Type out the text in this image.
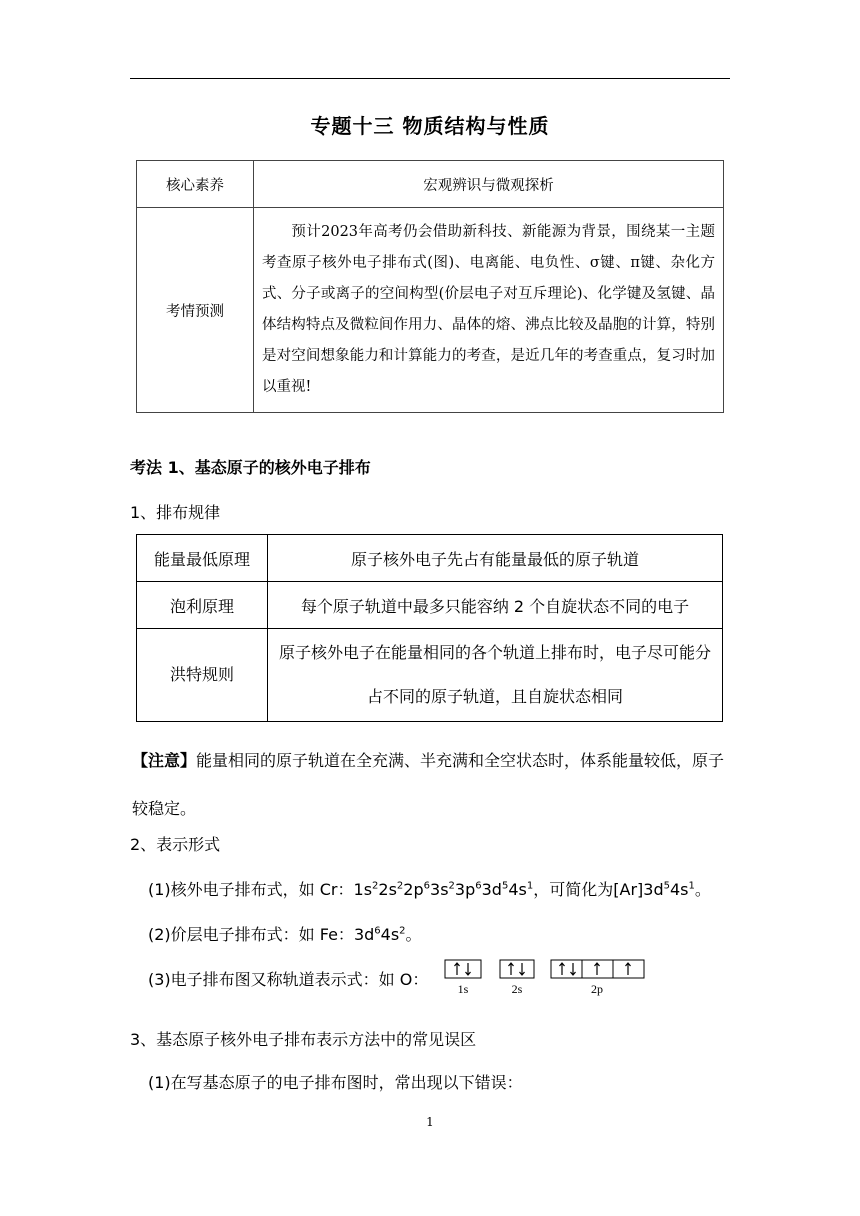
专题十三 物质结构与性质
核心素养	宏观辨识与微观探析
考情预测	预计2023年高考仍会借助新科技、新能源为背景，围绕某一主题考查原子核外电子排布式(图)、电离能、电负性、σ键、π键、杂化方式、分子或离子的空间构型(价层电子对互斥理论)、化学键及氢键、晶体结构特点及微粒间作用力、晶体的熔、沸点比较及晶胞的计算，特别是对空间想象能力和计算能力的考查，是近几年的考查重点，复习时加以重视!
考法 1、基态原子的核外电子排布
1、排布规律
能量最低原理	原子核外电子先占有能量最低的原子轨道
泡利原理	每个原子轨道中最多只能容纳 2 个自旋状态不同的电子
洪特规则	原子核外电子在能量相同的各个轨道上排布时，电子尽可能分占不同的原子轨道，且自旋状态相同
【注意】能量相同的原子轨道在全充满、半充满和全空状态时，体系能量较低，原子较稳定。
2、表示形式
(1)核外电子排布式，如 Cr：$1s^22s^22p^63s^23p^63d^54s^1$，可简化为$[Ar]3d^54s^1$。
(2)价层电子排布式：如 Fe：$3d^64s^2$。
(3)电子排布图又称轨道表示式：如 O： 1s	2s	2p
3、基态原子核外电子排布表示方法中的常见误区
(1)在写基态原子的电子排布图时，常出现以下错误：
1
